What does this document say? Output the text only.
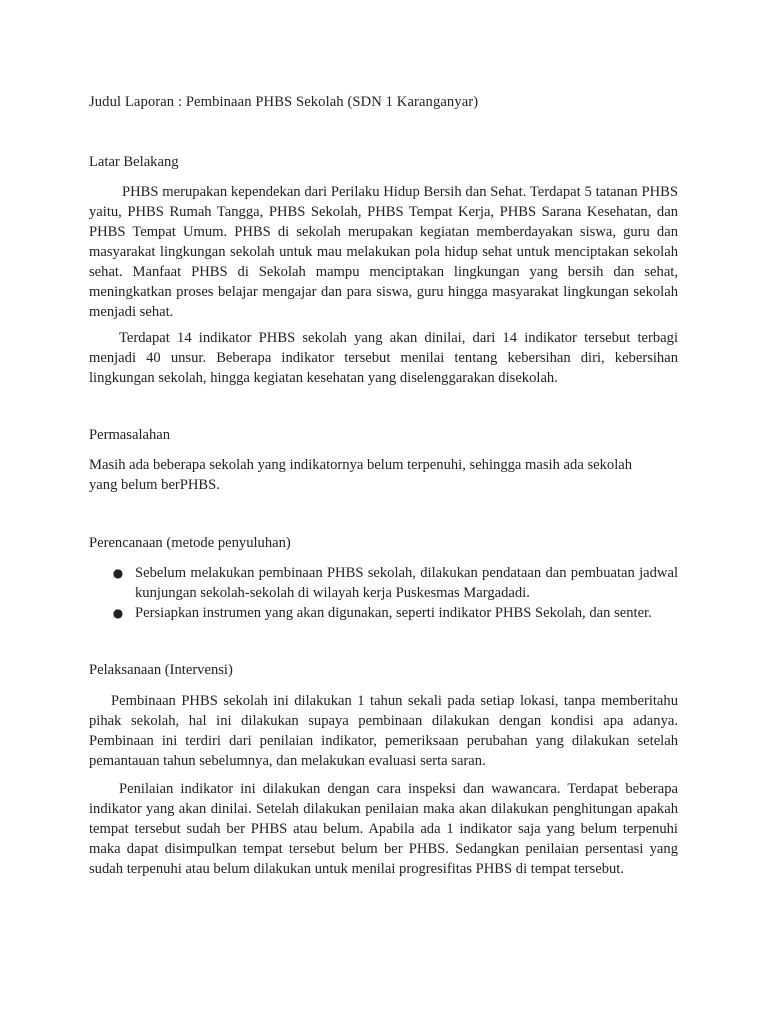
Judul Laporan : Pembinaan PHBS Sekolah (SDN 1 Karanganyar)

Latar Belakang

PHBS merupakan kependekan dari Perilaku Hidup Bersih dan Sehat. Terdapat 5 tatanan PHBS yaitu, PHBS Rumah Tangga, PHBS Sekolah, PHBS Tempat Kerja, PHBS Sarana Kesehatan, dan PHBS Tempat Umum. PHBS di sekolah merupakan kegiatan memberdayakan siswa, guru dan masyarakat lingkungan sekolah untuk mau melakukan pola hidup sehat untuk menciptakan sekolah sehat. Manfaat PHBS di Sekolah mampu menciptakan lingkungan yang bersih dan sehat, meningkatkan proses belajar mengajar dan para siswa, guru hingga masyarakat lingkungan sekolah menjadi sehat.

Terdapat 14 indikator PHBS sekolah yang akan dinilai, dari 14 indikator tersebut terbagi menjadi 40 unsur. Beberapa indikator tersebut menilai tentang kebersihan diri, kebersihan lingkungan sekolah, hingga kegiatan kesehatan yang diselenggarakan disekolah.

Permasalahan

Masih ada beberapa sekolah yang indikatornya belum terpenuhi, sehingga masih ada sekolah yang belum berPHBS.

Perencanaan (metode penyuluhan)

● Sebelum melakukan pembinaan PHBS sekolah, dilakukan pendataan dan pembuatan jadwal kunjungan sekolah-sekolah di wilayah kerja Puskesmas Margadadi.
● Persiapkan instrumen yang akan digunakan, seperti indikator PHBS Sekolah, dan senter.

Pelaksanaan (Intervensi)

Pembinaan PHBS sekolah ini dilakukan 1 tahun sekali pada setiap lokasi, tanpa memberitahu pihak sekolah, hal ini dilakukan supaya pembinaan dilakukan dengan kondisi apa adanya. Pembinaan ini terdiri dari penilaian indikator, pemeriksaan perubahan yang dilakukan setelah pemantauan tahun sebelumnya, dan melakukan evaluasi serta saran.

Penilaian indikator ini dilakukan dengan cara inspeksi dan wawancara. Terdapat beberapa indikator yang akan dinilai. Setelah dilakukan penilaian maka akan dilakukan penghitungan apakah tempat tersebut sudah ber PHBS atau belum. Apabila ada 1 indikator saja yang belum terpenuhi maka dapat disimpulkan tempat tersebut belum ber PHBS. Sedangkan penilaian persentasi yang sudah terpenuhi atau belum dilakukan untuk menilai progresifitas PHBS di tempat tersebut.
